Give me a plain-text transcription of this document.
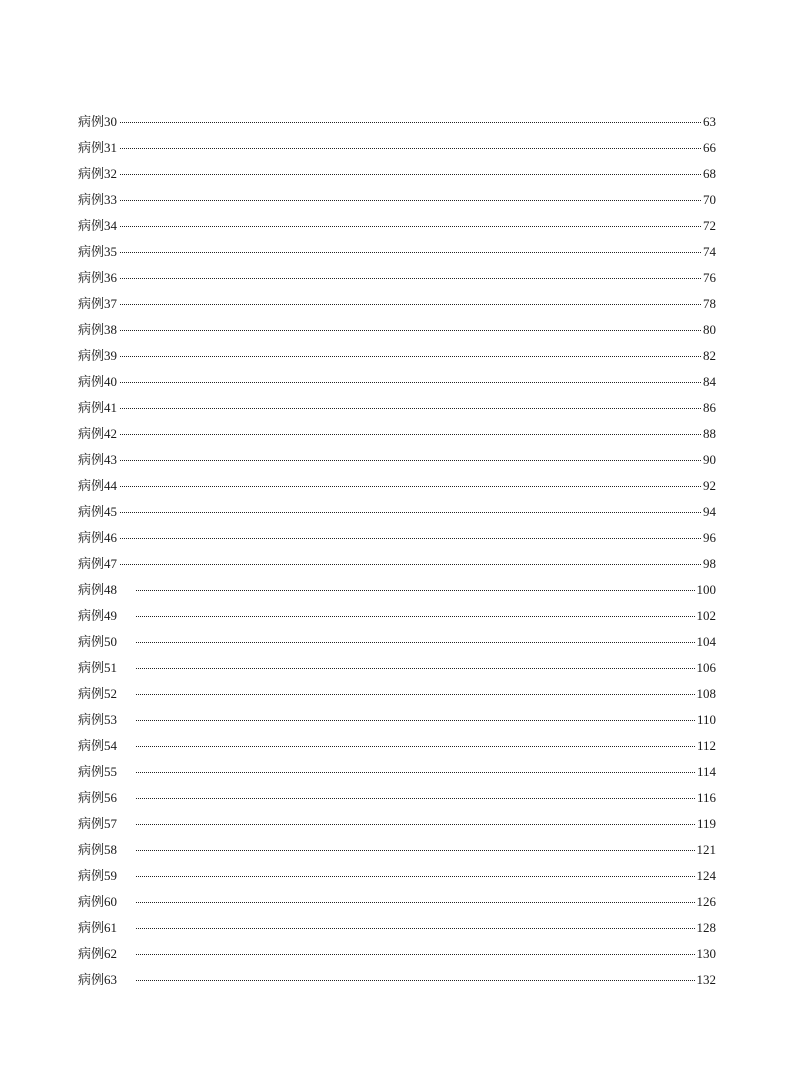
病例30	63
病例31	66
病例32	68
病例33	70
病例34	72
病例35	74
病例36	76
病例37	78
病例38	80
病例39	82
病例40	84
病例41	86
病例42	88
病例43	90
病例44	92
病例45	94
病例46	96
病例47	98
病例48	100
病例49	102
病例50	104
病例51	106
病例52	108
病例53	110
病例54	112
病例55	114
病例56	116
病例57	119
病例58	121
病例59	124
病例60	126
病例61	128
病例62	130
病例63	132
